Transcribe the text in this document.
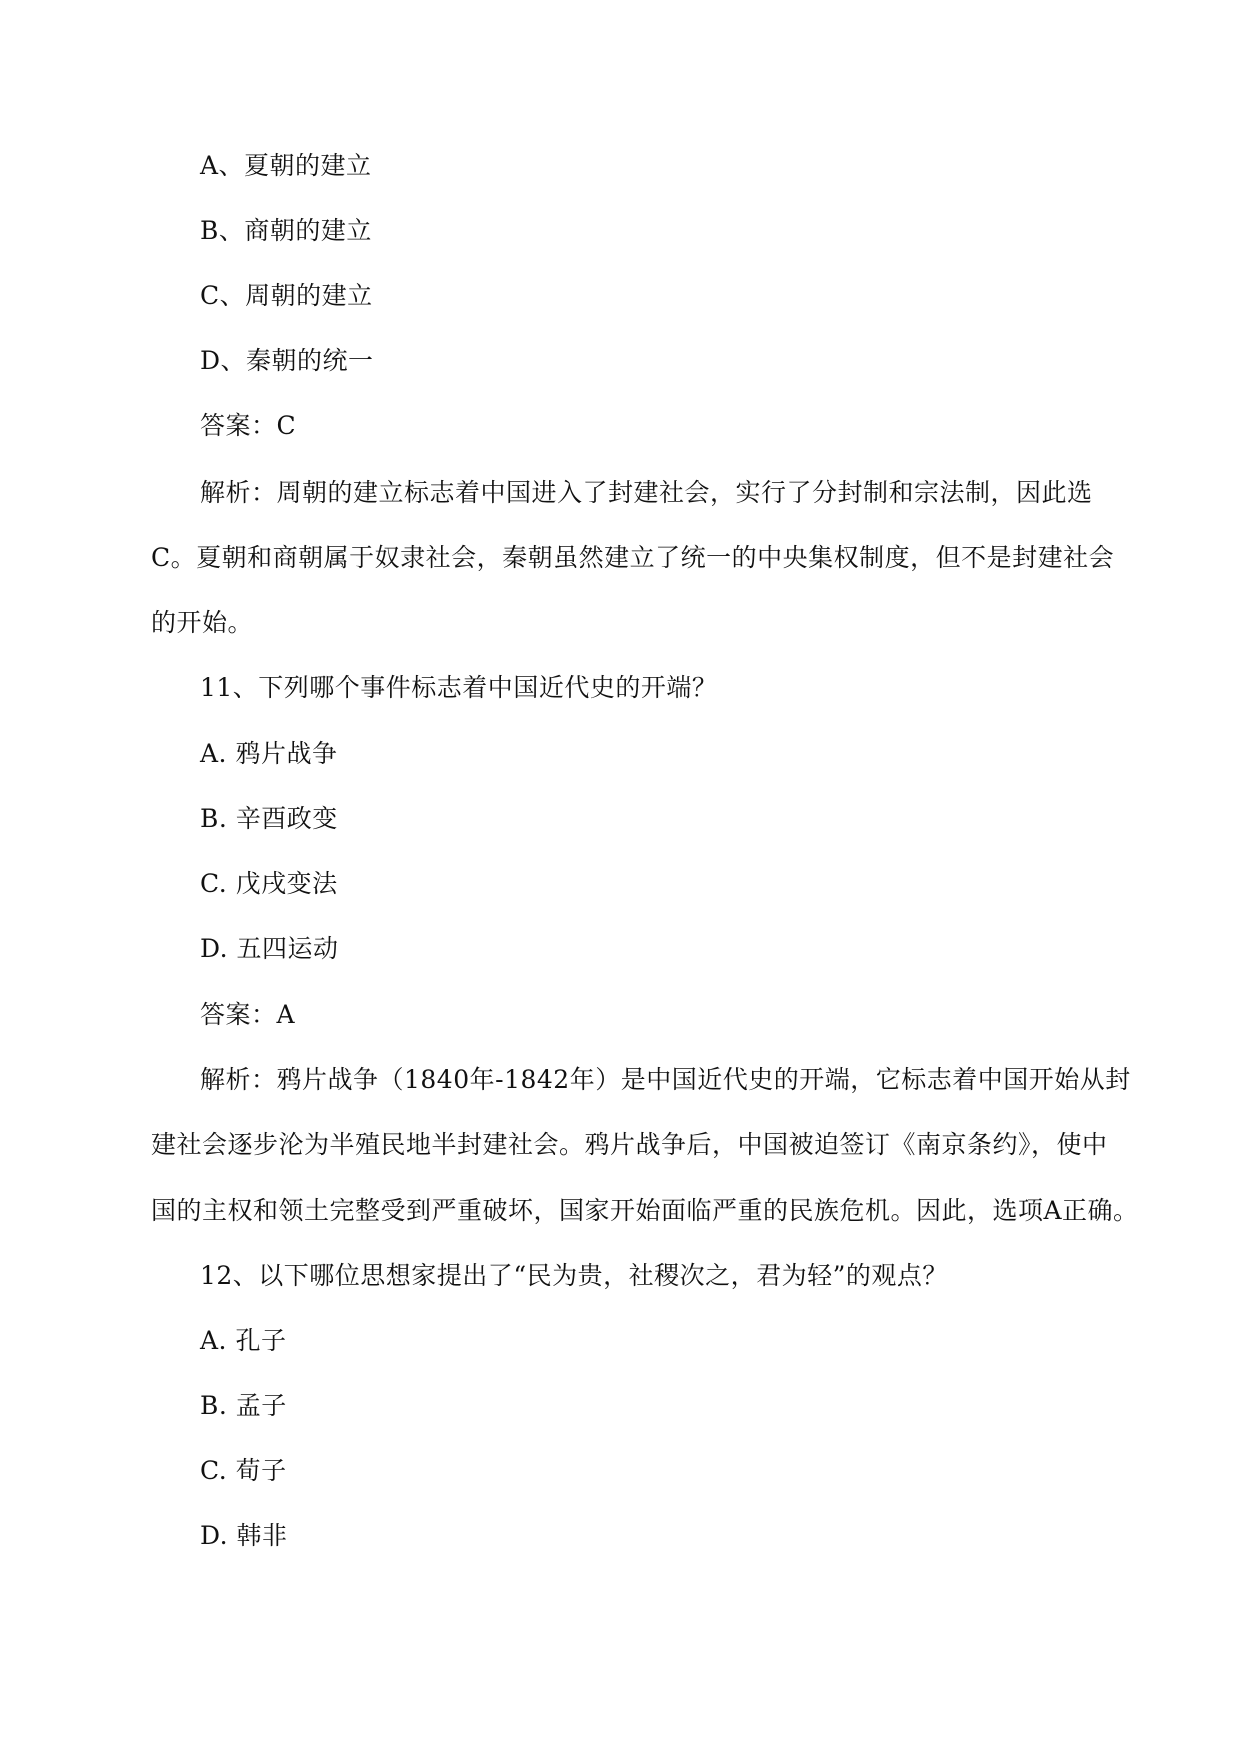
A、夏朝的建立
B、商朝的建立
C、周朝的建立
D、秦朝的统一
答案：C
解析：周朝的建立标志着中国进入了封建社会，实行了分封制和宗法制，因此选
C。夏朝和商朝属于奴隶社会，秦朝虽然建立了统一的中央集权制度，但不是封建社会
的开始。
11、下列哪个事件标志着中国近代史的开端？
A. 鸦片战争
B. 辛酉政变
C. 戊戌变法
D. 五四运动
答案：A
解析：鸦片战争（1840年-1842年）是中国近代史的开端，它标志着中国开始从封
建社会逐步沦为半殖民地半封建社会。鸦片战争后，中国被迫签订《南京条约》，使中
国的主权和领土完整受到严重破坏，国家开始面临严重的民族危机。因此，选项A正确。
12、以下哪位思想家提出了“民为贵，社稷次之，君为轻”的观点？
A. 孔子
B. 孟子
C. 荀子
D. 韩非
